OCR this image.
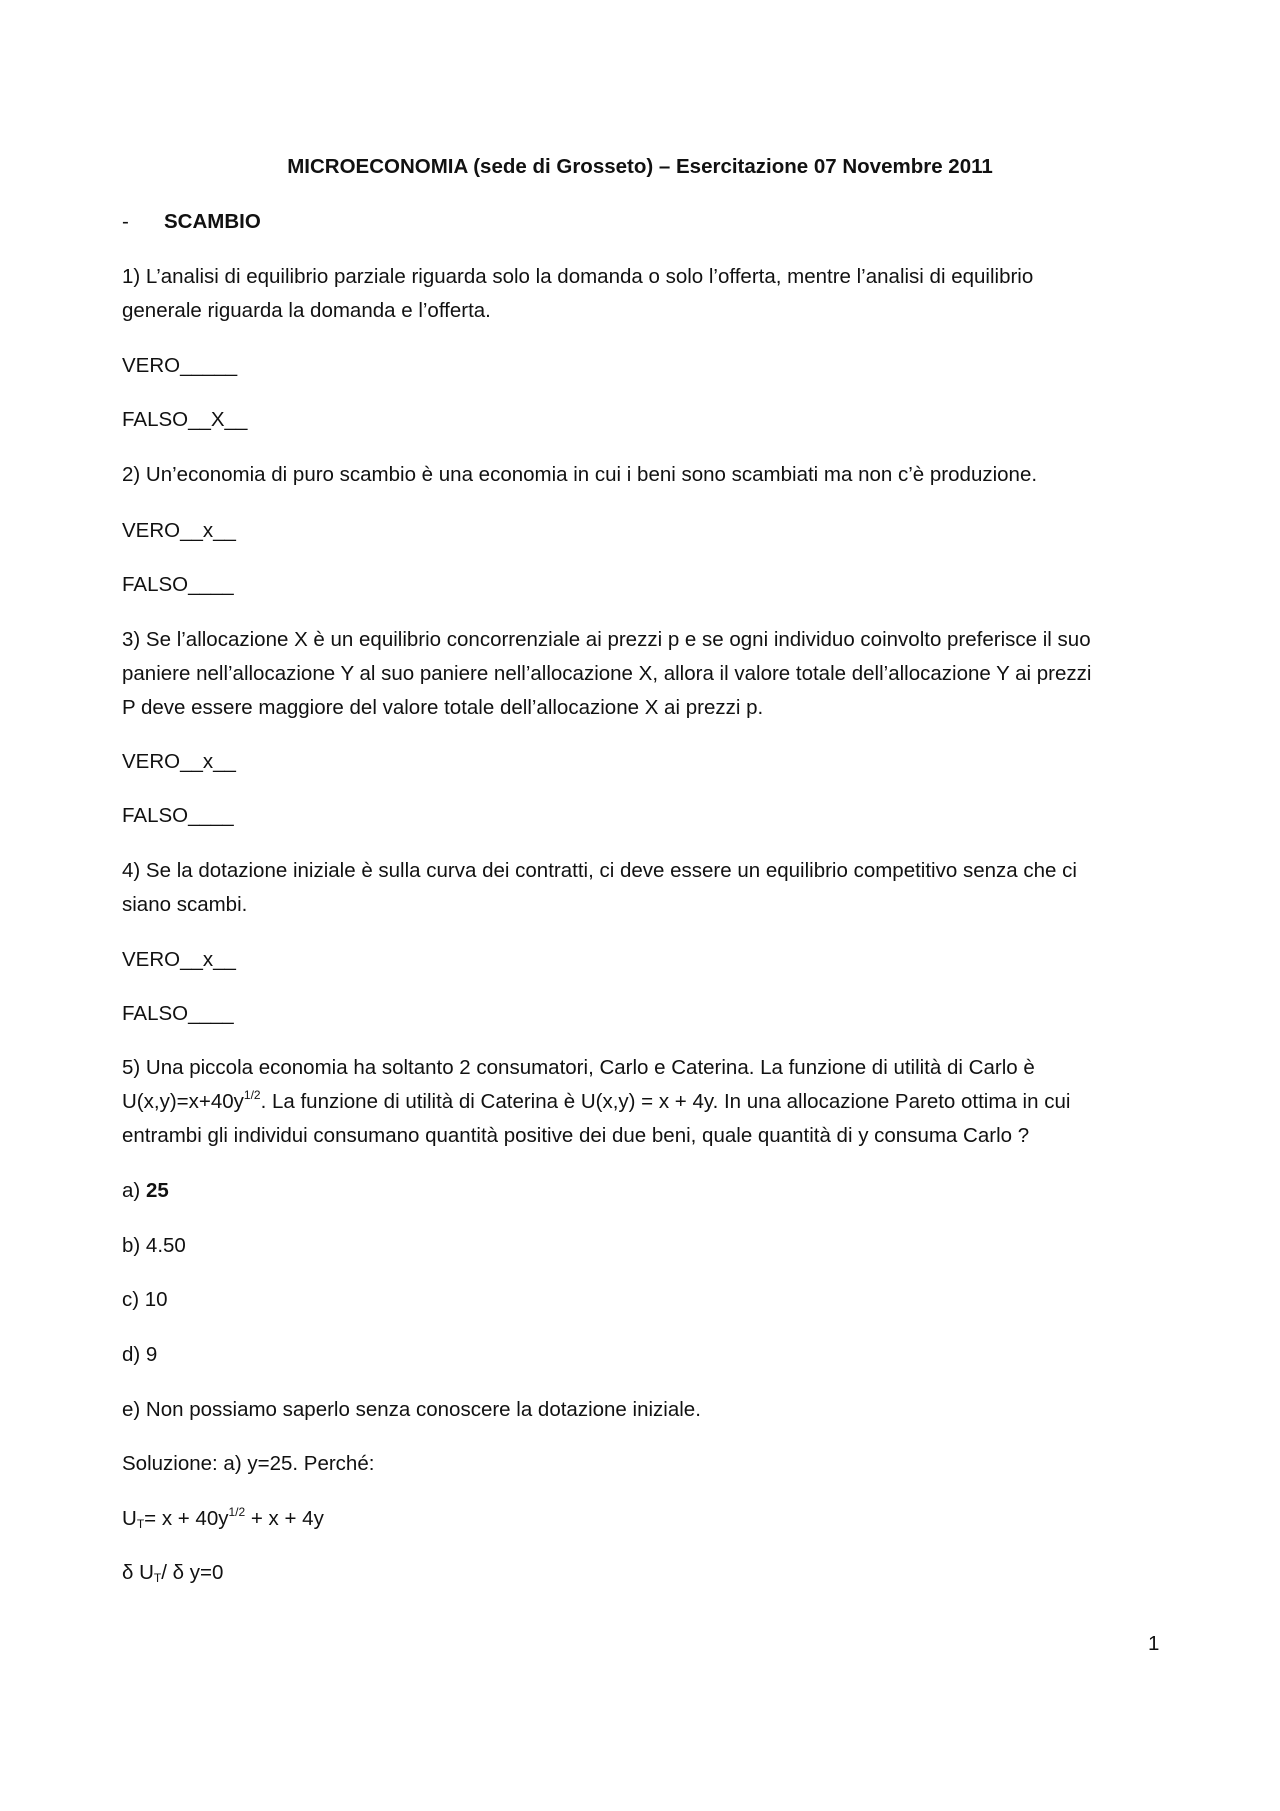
MICROECONOMIA (sede di Grosseto) – Esercitazione 07 Novembre 2011
- SCAMBIO
1) L’analisi di equilibrio parziale riguarda solo la domanda o solo l’offerta, mentre l’analisi di equilibrio
generale riguarda la domanda e l’offerta.
VERO_____
FALSO__X__
2) Un’economia di puro scambio è una economia in cui i beni sono scambiati ma non c’è produzione.
VERO__x__
FALSO____
3) Se l’allocazione X è un equilibrio concorrenziale ai prezzi p e se ogni individuo coinvolto preferisce il suo
paniere nell’allocazione Y al suo paniere nell’allocazione X, allora il valore totale dell’allocazione Y ai prezzi
P deve essere maggiore del valore totale dell’allocazione X ai prezzi p.
VERO__x__
FALSO____
4) Se la dotazione iniziale è sulla curva dei contratti, ci deve essere un equilibrio competitivo senza che ci
siano scambi.
VERO__x__
FALSO____
5) Una piccola economia ha soltanto 2 consumatori, Carlo e Caterina. La funzione di utilità di Carlo è
$U(x,y)=x+40y^{1/2}$. La funzione di utilità di Caterina è U(x,y) = x + 4y. In una allocazione Pareto ottima in cui
entrambi gli individui consumano quantità positive dei due beni, quale quantità di y consuma Carlo ?
a) 25
b) 4.50
c) 10
d) 9
e) Non possiamo saperlo senza conoscere la dotazione iniziale.
Soluzione: a) y=25. Perché:
$U_T= x + 40y^{1/2} + x + 4y$
δ $U_T/$ δ y=0
1
